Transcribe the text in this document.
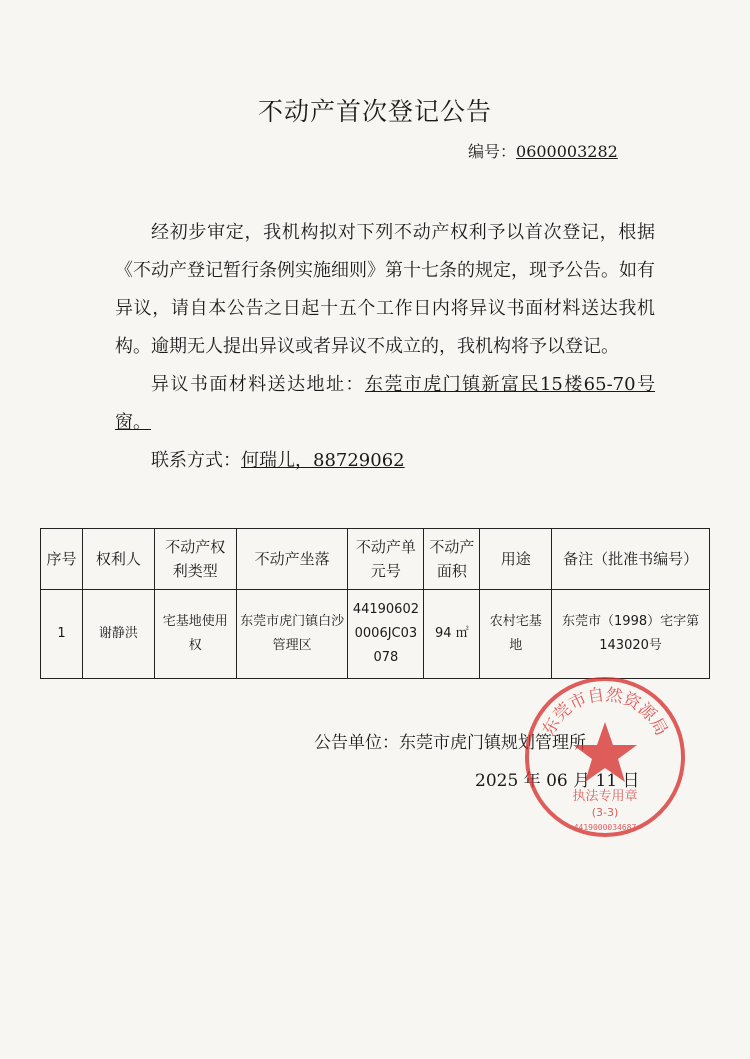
不动产首次登记公告
编号：0600003282

经初步审定，我机构拟对下列不动产权利予以首次登记，根据《不动产登记暂行条例实施细则》第十七条的规定，现予公告。如有异议，请自本公告之日起十五个工作日内将异议书面材料送达我机构。逾期无人提出异议或者异议不成立的，我机构将予以登记。

异议书面材料送达地址：东莞市虎门镇新富民15楼65-70号窗。

联系方式：何瑞儿，88729062

序号	权利人	不动产权利类型	不动产坐落	不动产单元号	不动产面积	用途	备注（批准书编号）
1	谢静洪	宅基地使用权	东莞市虎门镇白沙管理区	441906020006JC03078	94 ㎡	农村宅基地	东莞市（1998）宅字第143020号
公告单位：东莞市虎门镇规划管理所
2025 年 06 月 11 日
东莞市自然资源局
执法专用章
(3-3)
4419000034687
